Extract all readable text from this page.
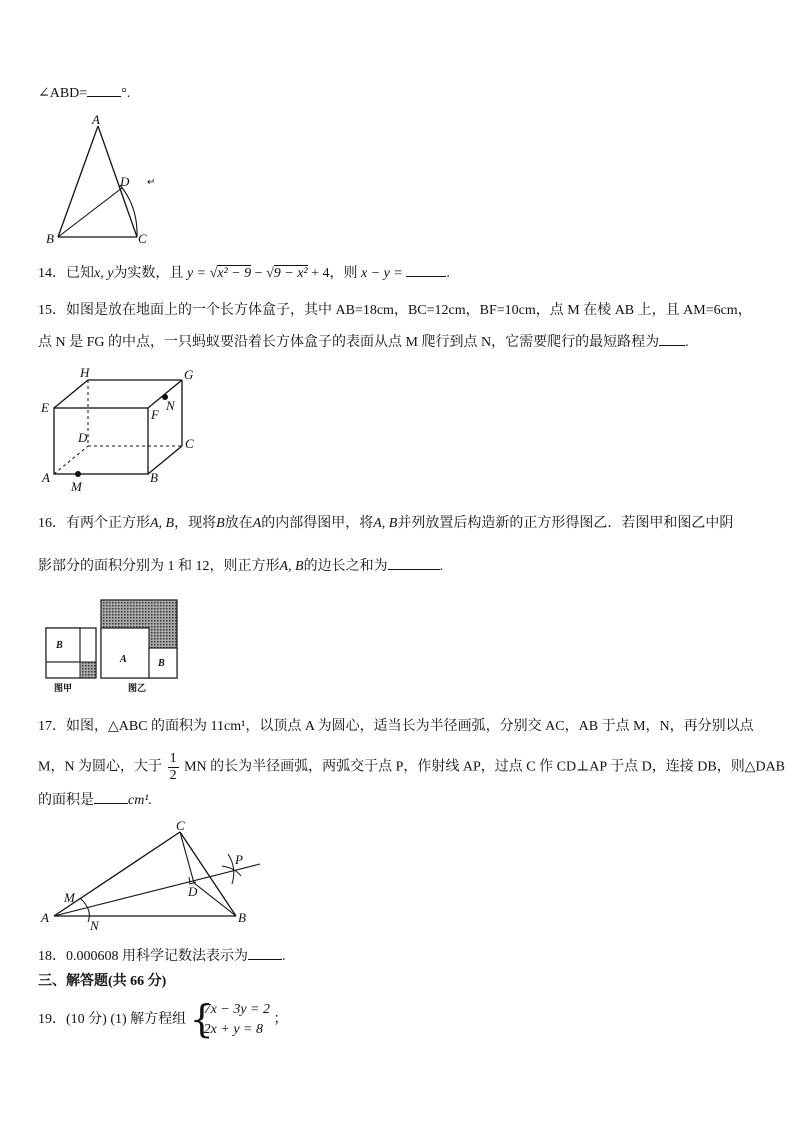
∠ABD= °.
A
B	C
D ↵
14．已知x, y为实数，且 y = √x² − 9 − √9 − x² + 4，则 x − y =	.
15．如图是放在地面上的一个长方体盒子，其中 AB=18cm，BC=12cm，BF=10cm，点 M 在棱 AB 上，且 AM=6cm，
点 N 是 FG 的中点，一只蚂蚁要沿着长方体盒子的表面从点 M 爬行到点 N，它需要爬行的最短路程为 .
H	G
E	N
F
D	C
A
M
B
16．有两个正方形A, B，现将B放在A的内部得图甲，将A, B并列放置后构造新的正方形得图乙．若图甲和图乙中阴
影部分的面积分别为 1 和 12，则正方形A, B的边长之和为	.
B
图甲
A	B
图乙
17．如图，△ABC 的面积为 11cm¹，以顶点 A 为圆心，适当长为半径画弧，分别交 AC，AB 于点 M，N，再分别以点
M，N 为圆心，大于 $\frac{1}{2}$ MN 的长为半径画弧，两弧交于点 P，作射线 AP，过点 C 作 CD⊥AP 于点 D，连接 DB，则△DAB
的面积是 cm¹.
C
P
M	D
A
N
B
18．0.000608 用科学记数法表示为 .
三、解答题(共 66 分)
19．(10 分) (1) 解方程组 {
7x − 3y = 2
2x + y = 8
；
